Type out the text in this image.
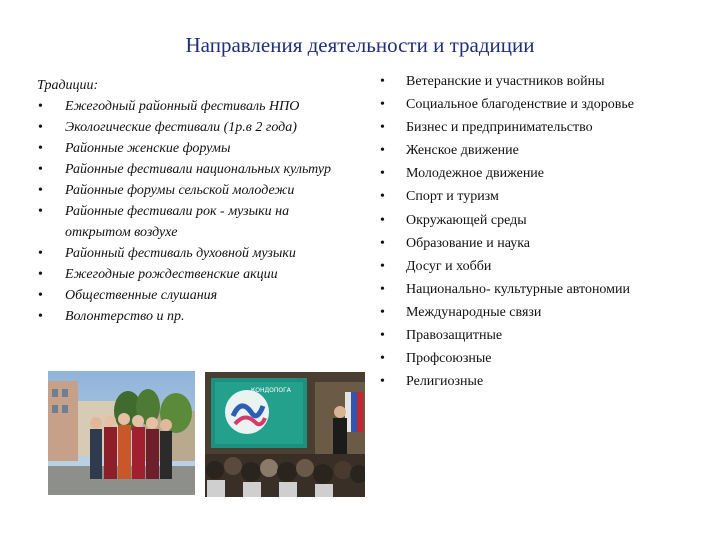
Направления деятельности и традиции
Традиции:
• Ежегодный районный фестиваль НПО
• Экологические фестивали (1р.в 2 года)
• Районные женские форумы
• Районные фестивали национальных культур
• Районные форумы сельской молодежи
• Районные фестивали рок - музыки на открытом воздухе
• Районный фестиваль духовной музыки
• Ежегодные рождественские акции
• Общественные слушания
• Волонтерство и пр.
• Ветеранские и участников войны
• Социальное благоденствие и здоровье
• Бизнес и предпринимательство
• Женское движение
• Молодежное движение
• Спорт и туризм
• Окружающей среды
• Образование и наука
• Досуг и хобби
• Национально- культурные автономии
• Международные связи
• Правозащитные
• Профсоюзные
• Религиозные
КОНДОПОГА
